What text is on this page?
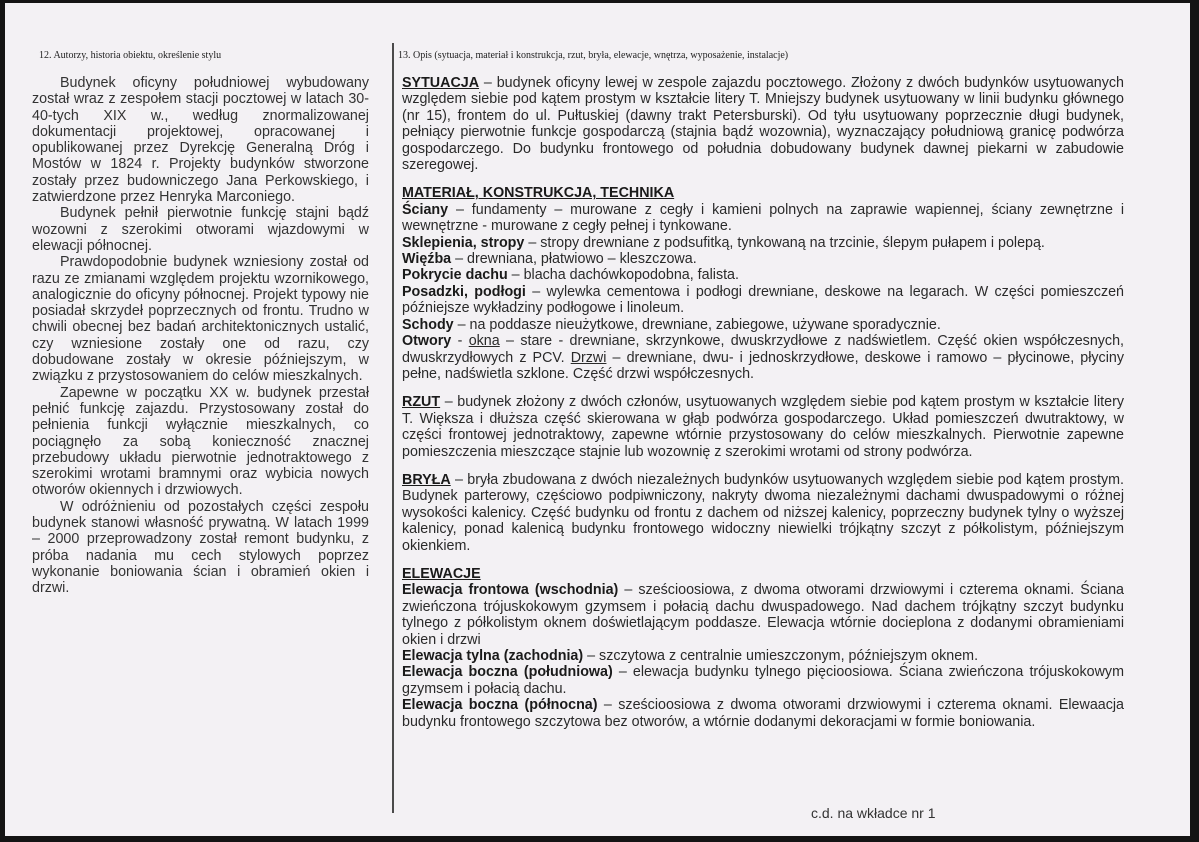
12. Autorzy, historia obiektu, określenie stylu	13. Opis (sytuacja, materiał i konstrukcja, rzut, bryła, elewacje, wnętrza, wyposażenie, instalacje)

Budynek oficyny południowej wybudowany został wraz z zespołem stacji pocztowej w latach 30-40-tych XIX w., według znormalizowanej dokumentacji projektowej, opracowanej i opublikowanej przez Dyrekcję Generalną Dróg i Mostów w 1824 r. Projekty budynków stworzone zostały przez budowniczego Jana Perkowskiego, i zatwierdzone przez Henryka Marconiego.

Budynek pełnił pierwotnie funkcję stajni bądź wozowni z szerokimi otworami wjazdowymi w elewacji północnej.

Prawdopodobnie budynek wzniesiony został od razu ze zmianami względem projektu wzornikowego, analogicznie do oficyny północnej. Projekt typowy nie posiadał skrzydeł poprzecznych od frontu. Trudno w chwili obecnej bez badań architektonicznych ustalić, czy wzniesione zostały one od razu, czy dobudowane zostały w okresie późniejszym, w związku z przystosowaniem do celów mieszkalnych.

Zapewne w początku XX w. budynek przestał pełnić funkcję zajazdu. Przystosowany został do pełnienia funkcji wyłącznie mieszkalnych, co pociągnęło za sobą konieczność znacznej przebudowy układu pierwotnie jednotraktowego z szerokimi wrotami bramnymi oraz wybicia nowych otworów okiennych i drzwiowych.

W odróżnieniu od pozostałych części zespołu budynek stanowi własność prywatną. W latach 1999 – 2000 przeprowadzony został remont budynku, z próba nadania mu cech stylowych poprzez wykonanie boniowania ścian i obramień okien i drzwi.

SYTUACJA – budynek oficyny lewej w zespole zajazdu pocztowego. Złożony z dwóch budynków usytuowanych względem siebie pod kątem prostym w kształcie litery T. Mniejszy budynek usytuowany w linii budynku głównego (nr 15), frontem do ul. Pułtuskiej (dawny trakt Petersburski). Od tyłu usytuowany poprzecznie długi budynek, pełniący pierwotnie funkcje gospodarczą (stajnia bądź wozownia), wyznaczający południową granicę podwórza gospodarczego. Do budynku frontowego od południa dobudowany budynek dawnej piekarni w zabudowie szeregowej.

MATERIAŁ, KONSTRUKCJA, TECHNIKA

Ściany – fundamenty – murowane z cegły i kamieni polnych na zaprawie wapiennej, ściany zewnętrzne i wewnętrzne - murowane z cegły pełnej i tynkowane.

Sklepienia, stropy – stropy drewniane z podsufitką, tynkowaną na trzcinie, ślepym pułapem i polepą.

Więźba – drewniana, płatwiowo – kleszczowa.

Pokrycie dachu – blacha dachówkopodobna, falista.

Posadzki, podłogi – wylewka cementowa i podłogi drewniane, deskowe na legarach. W części pomieszczeń późniejsze wykładziny podłogowe i linoleum.

Schody – na poddasze nieużytkowe, drewniane, zabiegowe, używane sporadycznie.

Otwory - okna – stare - drewniane, skrzynkowe, dwuskrzydłowe z nadświetlem. Część okien współczesnych, dwuskrzydłowych z PCV. Drzwi – drewniane, dwu- i jednoskrzydłowe, deskowe i ramowo – płycinowe, płyciny pełne, nadświetla szklone. Część drzwi współczesnych.

RZUT – budynek złożony z dwóch członów, usytuowanych względem siebie pod kątem prostym w kształcie litery T. Większa i dłuższa część skierowana w głąb podwórza gospodarczego. Układ pomieszczeń dwutraktowy, w części frontowej jednotraktowy, zapewne wtórnie przystosowany do celów mieszkalnych. Pierwotnie zapewne pomieszczenia mieszczące stajnie lub wozownię z szerokimi wrotami od strony podwórza.

BRYŁA – bryła zbudowana z dwóch niezależnych budynków usytuowanych względem siebie pod kątem prostym. Budynek parterowy, częściowo podpiwniczony, nakryty dwoma niezależnymi dachami dwuspadowymi o różnej wysokości kalenicy. Część budynku od frontu z dachem od niższej kalenicy, poprzeczny budynek tylny o wyższej kalenicy, ponad kalenicą budynku frontowego widoczny niewielki trójkątny szczyt z półkolistym, późniejszym okienkiem.

ELEWACJE

Elewacja frontowa (wschodnia) – sześcioosiowa, z dwoma otworami drzwiowymi i czterema oknami. Ściana zwieńczona trójuskokowym gzymsem i połacią dachu dwuspadowego. Nad dachem trójkątny szczyt budynku tylnego z półkolistym oknem doświetlającym poddasze. Elewacja wtórnie docieplona z dodanymi obramieniami okien i drzwi

Elewacja tylna (zachodnia) – szczytowa z centralnie umieszczonym, późniejszym oknem.

Elewacja boczna (południowa) – elewacja budynku tylnego pięcioosiowa. Ściana zwieńczona trójuskokowym gzymsem i połacią dachu.

Elewacja boczna (północna) – sześcioosiowa z dwoma otworami drzwiowymi i czterema oknami. Elewaacja budynku frontowego szczytowa bez otworów, a wtórnie dodanymi dekoracjami w formie boniowania.

c.d. na wkładce nr 1
